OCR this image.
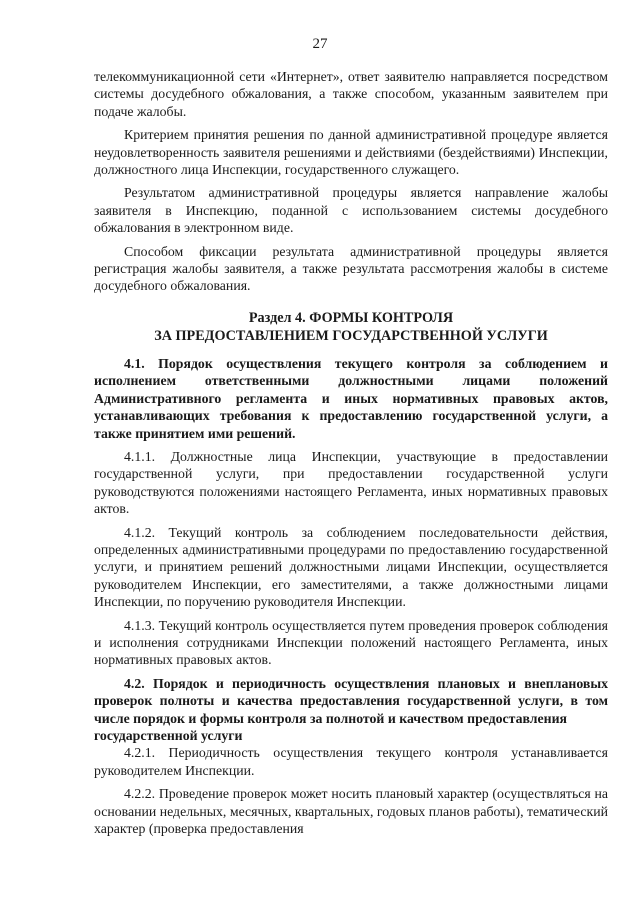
27

телекоммуникационной сети «Интернет», ответ заявителю направляется посредством системы досудебного обжалования, а также способом, указанным заявителем при подаче жалобы.

Критерием принятия решения по данной административной процедуре является неудовлетворенность заявителя решениями и действиями (бездействиями) Инспекции, должностного лица Инспекции, государственного служащего.

Результатом административной процедуры является направление жалобы заявителя в Инспекцию, поданной с использованием системы досудебного обжалования в электронном виде.

Способом фиксации результата административной процедуры является регистрация жалобы заявителя, а также результата рассмотрения жалобы в системе досудебного обжалования.

Раздел 4. ФОРМЫ КОНТРОЛЯ
ЗА ПРЕДОСТАВЛЕНИЕМ ГОСУДАРСТВЕННОЙ УСЛУГИ

4.1. Порядок осуществления текущего контроля за соблюдением и исполнением ответственными должностными лицами положений Административного регламента и иных нормативных правовых актов, устанавливающих требования к предоставлению государственной услуги, а также принятием ими решений.

4.1.1. Должностные лица Инспекции, участвующие в предоставлении государственной услуги, при предоставлении государственной услуги руководствуются положениями настоящего Регламента, иных нормативных правовых актов.

4.1.2. Текущий контроль за соблюдением последовательности действия, определенных административными процедурами по предоставлению государственной услуги, и принятием решений должностными лицами Инспекции, осуществляется руководителем Инспекции, его заместителями, а также должностными лицами Инспекции, по поручению руководителя Инспекции.

4.1.3. Текущий контроль осуществляется путем проведения проверок соблюдения и исполнения сотрудниками Инспекции положений настоящего Регламента, иных нормативных правовых актов.

4.2. Порядок и периодичность осуществления плановых и внеплановых проверок полноты и качества предоставления государственной услуги, в том числе порядок и формы контроля за полнотой и качеством предоставления

государственной услуги

4.2.1. Периодичность осуществления текущего контроля устанавливается руководителем Инспекции.

4.2.2. Проведение проверок может носить плановый характер (осуществляться на основании недельных, месячных, квартальных, годовых планов работы), тематический характер (проверка предоставления
